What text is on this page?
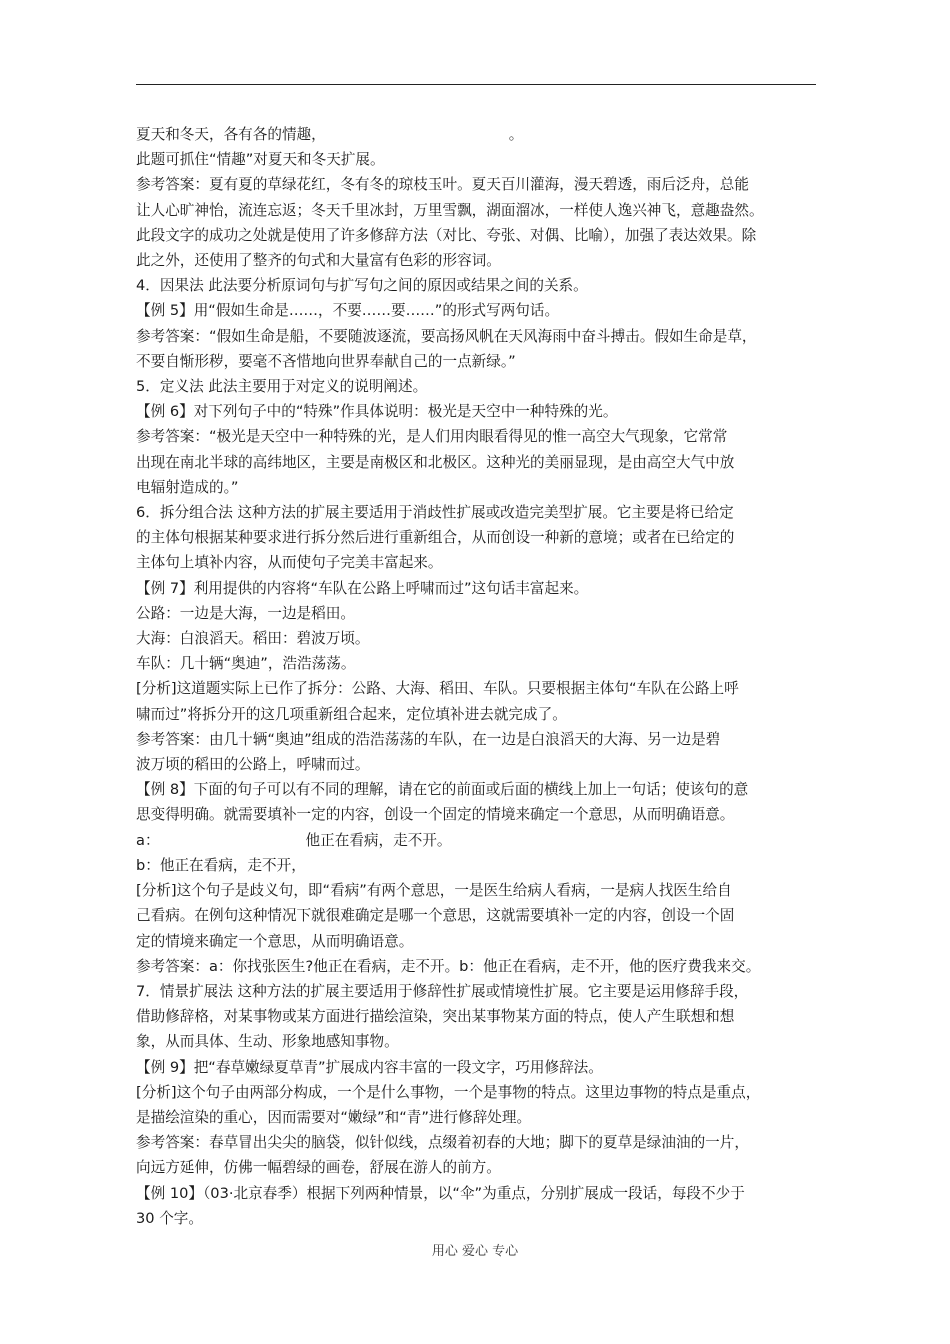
夏天和冬天，各有各的情趣，	。

此题可抓住“情趣”对夏天和冬天扩展。

参考答案：夏有夏的草绿花红，冬有冬的琼枝玉叶。夏天百川灌海，漫天碧透，雨后泛舟，总能

让人心旷神怡，流连忘返；冬天千里冰封，万里雪飘，湖面溜冰，一样使人逸兴神飞，意趣盎然。

此段文字的成功之处就是使用了许多修辞方法（对比、夸张、对偶、比喻），加强了表达效果。除

此之外，还使用了整齐的句式和大量富有色彩的形容词。

4．因果法 此法要分析原词句与扩写句之间的原因或结果之间的关系。

【例 5】用“假如生命是……，不要……要……”的形式写两句话。

参考答案：“假如生命是船，不要随波逐流，要高扬风帆在天风海雨中奋斗搏击。假如生命是草，

不要自惭形秽，要毫不吝惜地向世界奉献自己的一点新绿。”

5．定义法 此法主要用于对定义的说明阐述。

【例 6】对下列句子中的“特殊”作具体说明：极光是天空中一种特殊的光。

参考答案：“极光是天空中一种特殊的光，是人们用肉眼看得见的惟一高空大气现象，它常常

出现在南北半球的高纬地区，主要是南极区和北极区。这种光的美丽显现，是由高空大气中放

电辐射造成的。”

6．拆分组合法 这种方法的扩展主要适用于消歧性扩展或改造完美型扩展。它主要是将已给定

的主体句根据某种要求进行拆分然后进行重新组合，从而创设一种新的意境；或者在已给定的

主体句上填补内容，从而使句子完美丰富起来。

【例 7】利用提供的内容将“车队在公路上呼啸而过”这句话丰富起来。

公路：一边是大海，一边是稻田。

大海：白浪滔天。稻田：碧波万顷。

车队：几十辆“奥迪”，浩浩荡荡。

[分析]这道题实际上已作了拆分：公路、大海、稻田、车队。只要根据主体句“车队在公路上呼

啸而过”将拆分开的这几项重新组合起来，定位填补进去就完成了。

参考答案：由几十辆“奥迪”组成的浩浩荡荡的车队，在一边是白浪滔天的大海、另一边是碧

波万顷的稻田的公路上，呼啸而过。

【例 8】下面的句子可以有不同的理解，请在它的前面或后面的横线上加上一句话；使该句的意

思变得明确。就需要填补一定的内容，创设一个固定的情境来确定一个意思，从而明确语意。

a：	他正在看病，走不开。

b：他正在看病，走不开，

[分析]这个句子是歧义句，即“看病”有两个意思，一是医生给病人看病，一是病人找医生给自

己看病。在例句这种情况下就很难确定是哪一个意思，这就需要填补一定的内容，创设一个固

定的情境来确定一个意思，从而明确语意。

参考答案：a：你找张医生?他正在看病，走不开。b：他正在看病，走不开，他的医疗费我来交。

7．情景扩展法 这种方法的扩展主要适用于修辞性扩展或情境性扩展。它主要是运用修辞手段，

借助修辞格，对某事物或某方面进行描绘渲染，突出某事物某方面的特点，使人产生联想和想

象，从而具体、生动、形象地感知事物。

【例 9】把“春草嫩绿夏草青”扩展成内容丰富的一段文字，巧用修辞法。

[分析]这个句子由两部分构成，一个是什么事物，一个是事物的特点。这里边事物的特点是重点，

是描绘渲染的重心，因而需要对“嫩绿”和“青”进行修辞处理。

参考答案：春草冒出尖尖的脑袋，似针似线，点缀着初春的大地；脚下的夏草是绿油油的一片，

向远方延伸，仿佛一幅碧绿的画卷，舒展在游人的前方。

【例 10】（03·北京春季）根据下列两种情景，以“伞”为重点，分别扩展成一段话，每段不少于

30 个字。

用心 爱心 专心
